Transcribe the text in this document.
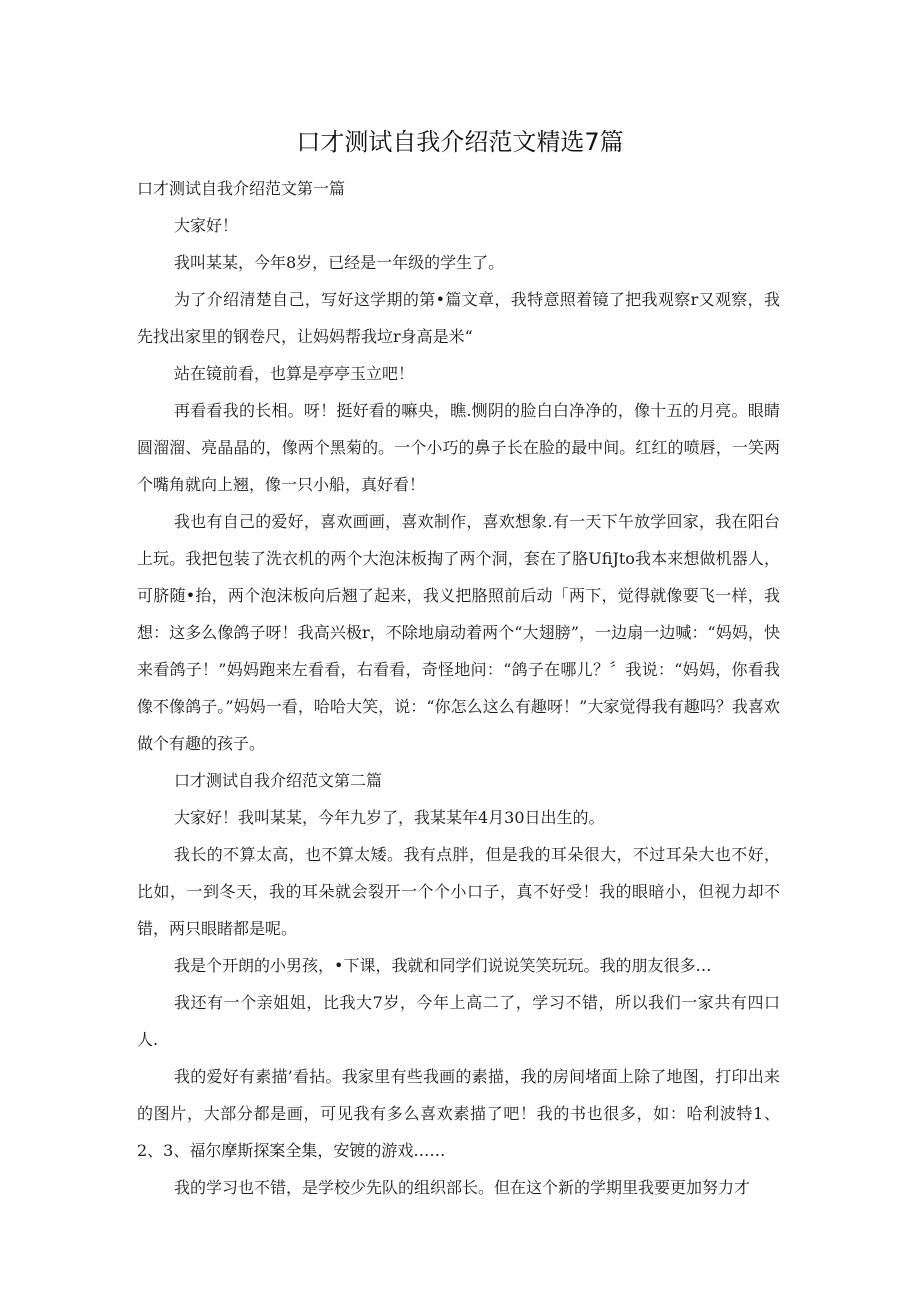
口才测试自我介绍范文精选7篇

口才测试自我介绍范文第一篇

大家好！

我叫某某，今年8岁，已经是一年级的学生了。

为了介绍清楚自己，写好这学期的第•篇文章，我特意照着镜了把我观察r又观察，我先找出家里的钢卷尺，让妈妈帮我垃r身高是米“

站在镜前看，也算是亭亭玉立吧！

再看看我的长相。呀！挺好看的嘛央，瞧.恻阴的脸白白净净的，像十五的月亮。眼睛圆溜溜、亮晶晶的，像两个黑菊的。一个小巧的鼻子长在脸的最中间。红红的喷唇，一笑两个嘴角就向上翘，像一只小船，真好看！

我也有自己的爱好，喜欢画画，喜欢制作，喜欢想象.有一天下午放学回家，我在阳台上玩。我把包装了洗衣机的两个大泡沫板掏了两个洞，套在了胳UfiJto我本来想做机器人，可脐随•抬，两个泡沫板向后翘了起来，我义把胳照前后动「两下，觉得就像要飞一样，我想：这多么像鸽子呀！我高兴极r，不除地扇动着两个“大翅膀”，一边扇一边喊：“妈妈，快来看鸽子！”妈妈跑来左看看，右看看，奇怪地问：“鸽子在哪儿？〞我说：“妈妈，你看我像不像鸽子。”妈妈一看，哈哈大笑，说：“你怎么这么有趣呀！”大家觉得我有趣吗？我喜欢做个有趣的孩子。

口才测试自我介绍范文第二篇

大家好！我叫某某，今年九岁了，我某某年4月30日出生的。

我长的不算太高，也不算太矮。我有点胖，但是我的耳朵很大，不过耳朵大也不好，比如，一到冬天，我的耳朵就会裂开一个个小口子，真不好受！我的眼暗小，但视力却不错，两只眼睹都是呢。

我是个开朗的小男孩，•下课，我就和同学们说说笑笑玩玩。我的朋友很多…

我还有一个亲姐姐，比我大7岁，今年上高二了，学习不错，所以我们一家共有四口人.

我的爱好有素描’看拈。我家里有些我画的素描，我的房间堵面上除了地图，打印出来的图片，大部分都是画，可见我有多么喜欢素描了吧！我的书也很多，如：哈利波特1、2、3、福尔摩斯探案全集，安镀的游戏……

我的学习也不错，是学校少先队的组织部长。但在这个新的学期里我要更加努力才
